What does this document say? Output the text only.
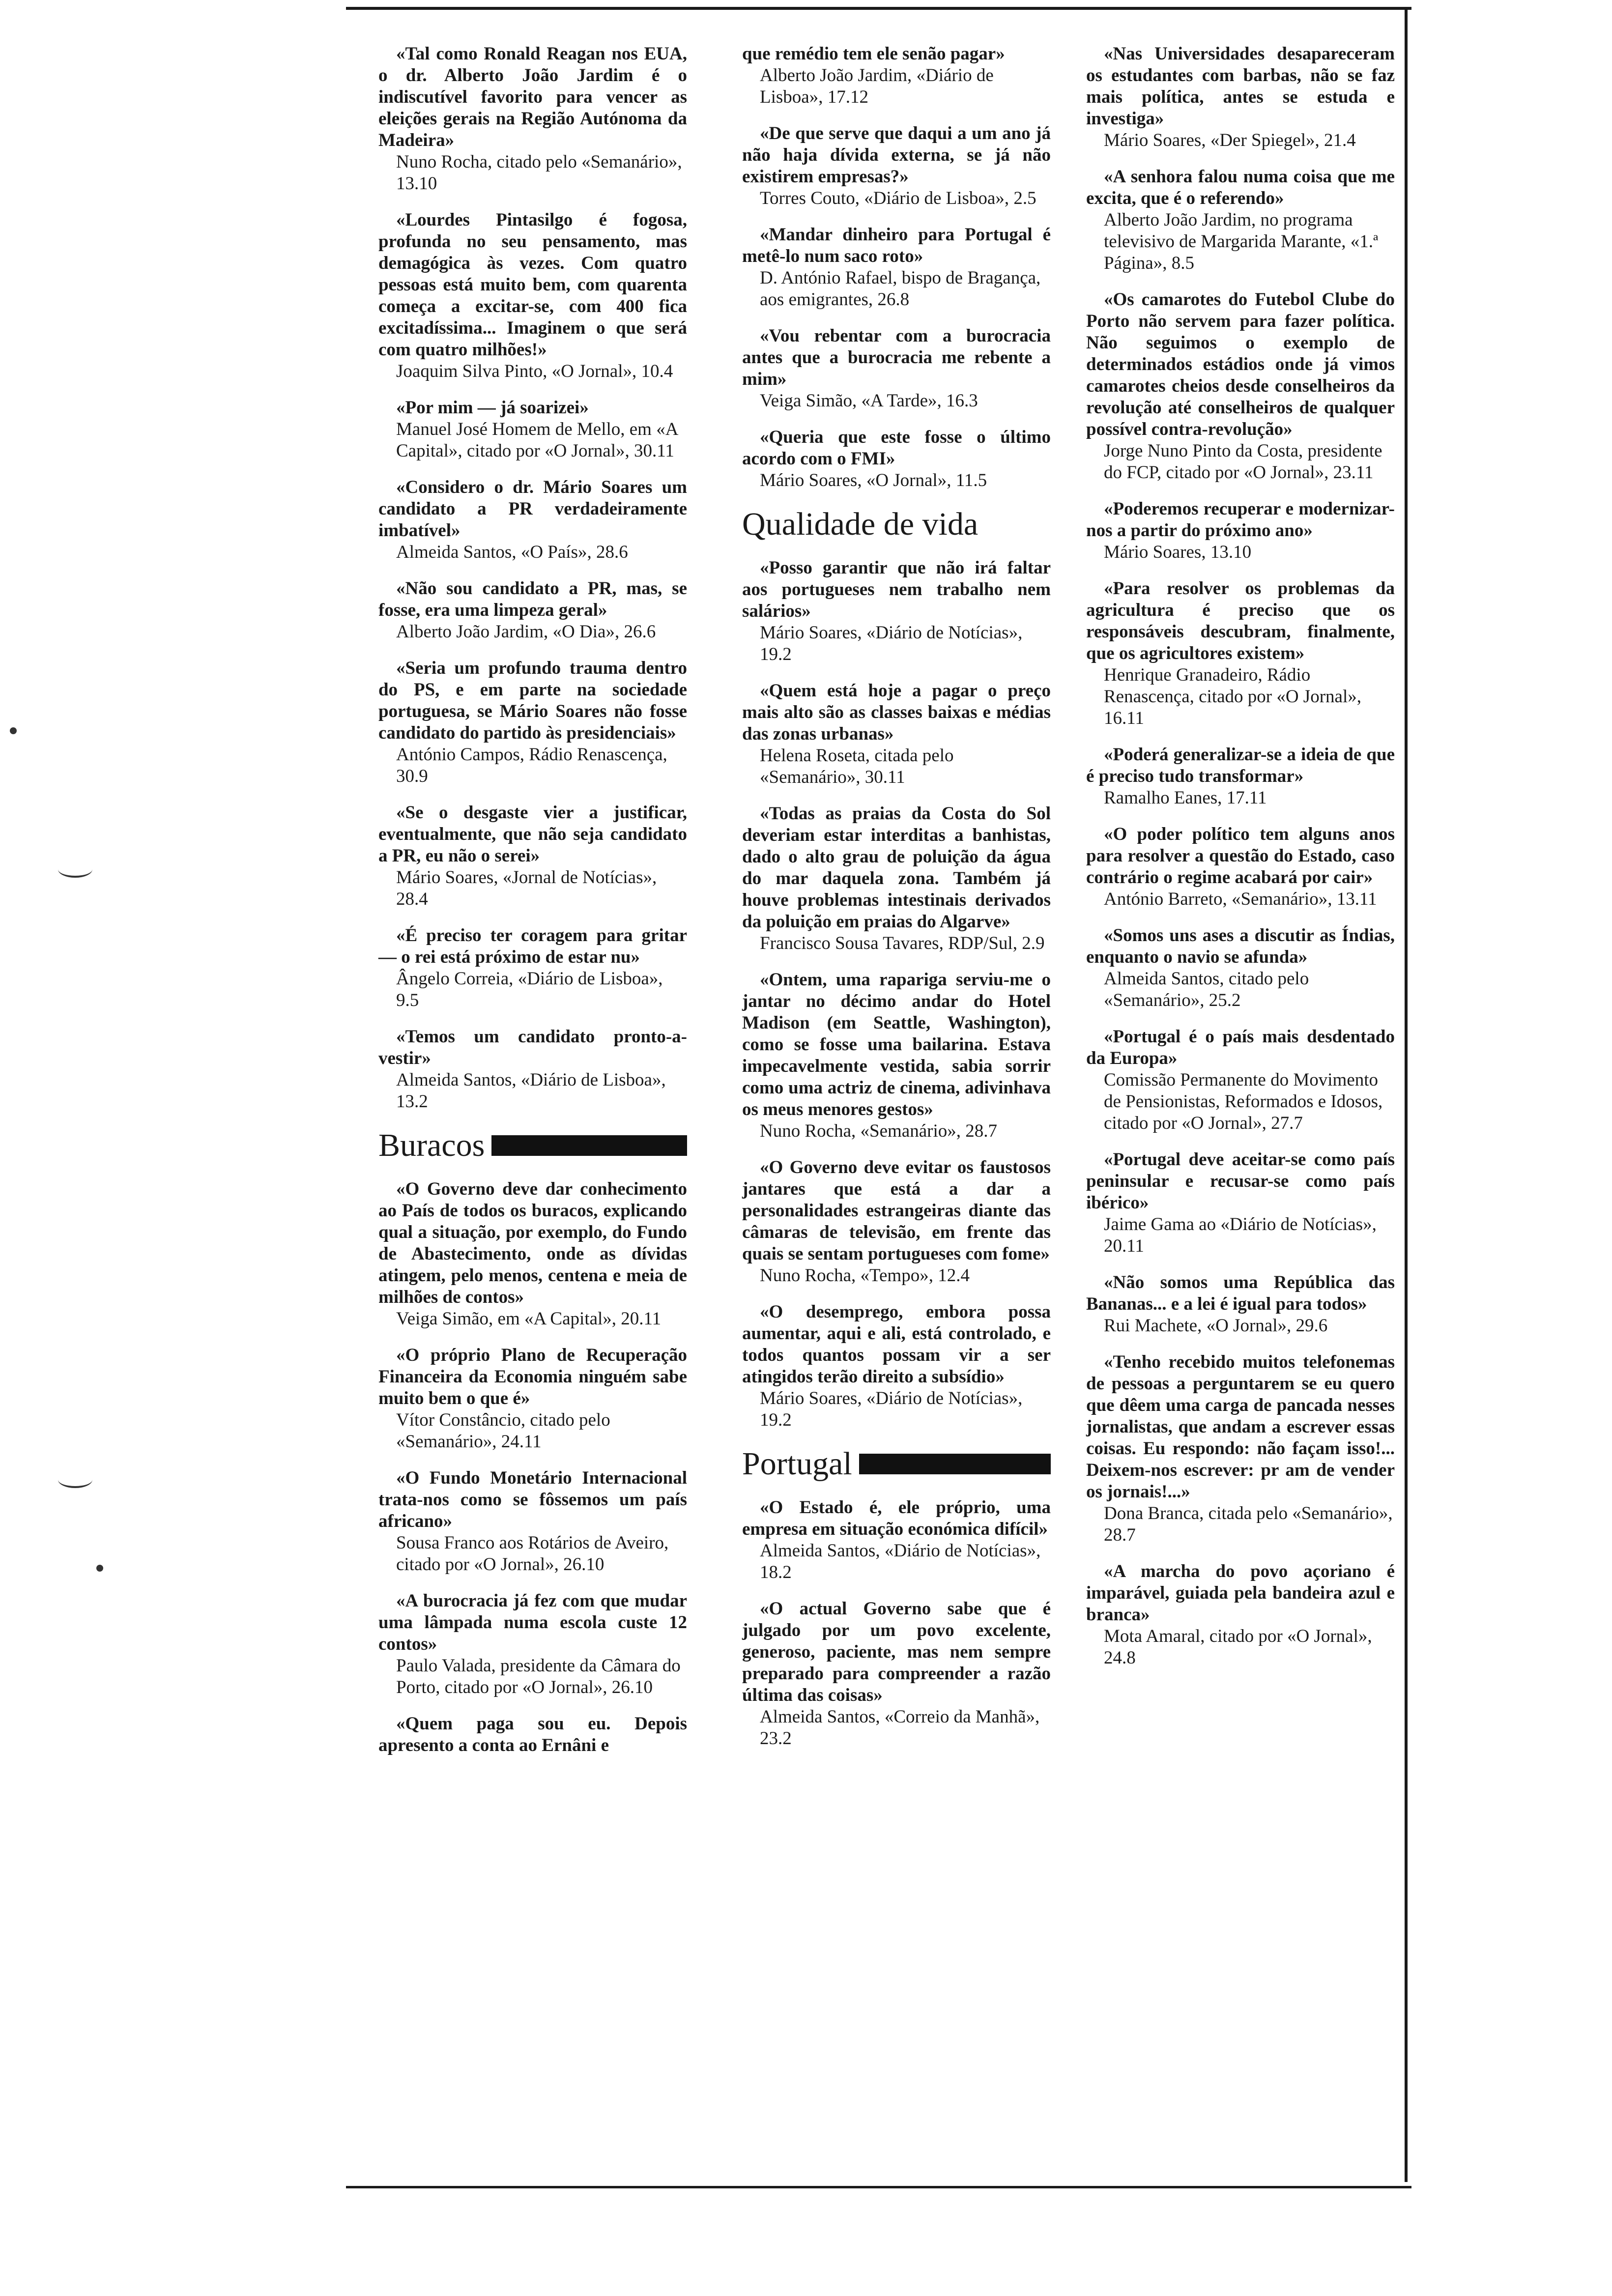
«Tal como Ronald Reagan nos EUA, o dr. Alberto João Jardim é o indiscutível favorito para vencer as eleições gerais na Região Autónoma da Madeira»

Nuno Rocha, citado pelo «Semanário», 13.10

«Lourdes Pintasilgo é fogosa, profunda no seu pensamento, mas demagógica às vezes. Com quatro pessoas está muito bem, com quarenta começa a excitar-se, com 400 fica excitadíssima... Imaginem o que será com quatro milhões!»

Joaquim Silva Pinto, «O Jornal», 10.4

«Por mim — já soarizei»

Manuel José Homem de Mello, em «A Capital», citado por «O Jornal», 30.11

«Considero o dr. Mário Soares um candidato a PR verdadeiramente imbatível»

Almeida Santos, «O País», 28.6

«Não sou candidato a PR, mas, se fosse, era uma limpeza geral»

Alberto João Jardim, «O Dia», 26.6

«Seria um profundo trauma dentro do PS, e em parte na sociedade portuguesa, se Mário Soares não fosse candidato do partido às presidenciais»

António Campos, Rádio Renascença, 30.9

«Se o desgaste vier a justificar, eventualmente, que não seja candidato a PR, eu não o serei»

Mário Soares, «Jornal de Notícias», 28.4

«É preciso ter coragem para gritar — o rei está próximo de estar nu»

Ângelo Correia, «Diário de Lisboa», 9.5

«Temos um candidato pronto-a-vestir»

Almeida Santos, «Diário de Lisboa», 13.2

Buracos

«O Governo deve dar conhecimento ao País de todos os buracos, explicando qual a situação, por exemplo, do Fundo de Abastecimento, onde as dívidas atingem, pelo menos, centena e meia de milhões de contos»

Veiga Simão, em «A Capital», 20.11

«O próprio Plano de Recuperação Financeira da Economia ninguém sabe muito bem o que é»

Vítor Constâncio, citado pelo «Semanário», 24.11

«O Fundo Monetário Internacional trata-nos como se fôssemos um país africano»

Sousa Franco aos Rotários de Aveiro, citado por «O Jornal», 26.10

«A burocracia já fez com que mudar uma lâmpada numa escola custe 12 contos»

Paulo Valada, presidente da Câmara do Porto, citado por «O Jornal», 26.10

«Quem paga sou eu. Depois apresento a conta ao Ernâni e

que remédio tem ele senão pagar»

Alberto João Jardim, «Diário de Lisboa», 17.12

«De que serve que daqui a um ano já não haja dívida externa, se já não existirem empresas?»

Torres Couto, «Diário de Lisboa», 2.5

«Mandar dinheiro para Portugal é metê-lo num saco roto»

D. António Rafael, bispo de Bragança, aos emigrantes, 26.8

«Vou rebentar com a burocracia antes que a burocracia me rebente a mim»

Veiga Simão, «A Tarde», 16.3

«Queria que este fosse o último acordo com o FMI»

Mário Soares, «O Jornal», 11.5

Qualidade de vida

«Posso garantir que não irá faltar aos portugueses nem trabalho nem salários»

Mário Soares, «Diário de Notícias», 19.2

«Quem está hoje a pagar o preço mais alto são as classes baixas e médias das zonas urbanas»

Helena Roseta, citada pelo «Semanário», 30.11

«Todas as praias da Costa do Sol deveriam estar interditas a banhistas, dado o alto grau de poluição da água do mar daquela zona. Também já houve problemas intestinais derivados da poluição em praias do Algarve»

Francisco Sousa Tavares, RDP/Sul, 2.9

«Ontem, uma rapariga serviu-me o jantar no décimo andar do Hotel Madison (em Seattle, Washington), como se fosse uma bailarina. Estava impecavelmente vestida, sabia sorrir como uma actriz de cinema, adivinhava os meus menores gestos»

Nuno Rocha, «Semanário», 28.7

«O Governo deve evitar os faustosos jantares que está a dar a personalidades estrangeiras diante das câmaras de televisão, em frente das quais se sentam portugueses com fome»

Nuno Rocha, «Tempo», 12.4

«O desemprego, embora possa aumentar, aqui e ali, está controlado, e todos quantos possam vir a ser atingidos terão direito a subsídio»

Mário Soares, «Diário de Notícias», 19.2

Portugal

«O Estado é, ele próprio, uma empresa em situação económica difícil»

Almeida Santos, «Diário de Notícias», 18.2

«O actual Governo sabe que é julgado por um povo excelente, generoso, paciente, mas nem sempre preparado para compreender a razão última das coisas»

Almeida Santos, «Correio da Manhã», 23.2

«Nas Universidades desapareceram os estudantes com barbas, não se faz mais política, antes se estuda e investiga»

Mário Soares, «Der Spiegel», 21.4

«A senhora falou numa coisa que me excita, que é o referendo»

Alberto João Jardim, no programa televisivo de Margarida Marante, «1.ª Página», 8.5

«Os camarotes do Futebol Clube do Porto não servem para fazer política. Não seguimos o exemplo de determinados estádios onde já vimos camarotes cheios desde conselheiros da revolução até conselheiros de qualquer possível contra-revolução»

Jorge Nuno Pinto da Costa, presidente do FCP, citado por «O Jornal», 23.11

«Poderemos recuperar e modernizar-nos a partir do próximo ano»

Mário Soares, 13.10

«Para resolver os problemas da agricultura é preciso que os responsáveis descubram, finalmente, que os agricultores existem»

Henrique Granadeiro, Rádio Renascença, citado por «O Jornal», 16.11

«Poderá generalizar-se a ideia de que é preciso tudo transformar»

Ramalho Eanes, 17.11

«O poder político tem alguns anos para resolver a questão do Estado, caso contrário o regime acabará por cair»

António Barreto, «Semanário», 13.11

«Somos uns ases a discutir as Índias, enquanto o navio se afunda»

Almeida Santos, citado pelo «Semanário», 25.2

«Portugal é o país mais desdentado da Europa»

Comissão Permanente do Movimento de Pensionistas, Reformados e Idosos, citado por «O Jornal», 27.7

«Portugal deve aceitar-se como país peninsular e recusar-se como país ibérico»

Jaime Gama ao «Diário de Notícias», 20.11

«Não somos uma República das Bananas... e a lei é igual para todos»

Rui Machete, «O Jornal», 29.6

«Tenho recebido muitos telefonemas de pessoas a perguntarem se eu quero que dêem uma carga de pancada nesses jornalistas, que andam a escrever essas coisas. Eu respondo: não façam isso!... Deixem-nos escrever: pr am de vender os jornais!...»

Dona Branca, citada pelo «Semanário», 28.7

«A marcha do povo açoriano é imparável, guiada pela bandeira azul e branca»

Mota Amaral, citado por «O Jornal», 24.8
